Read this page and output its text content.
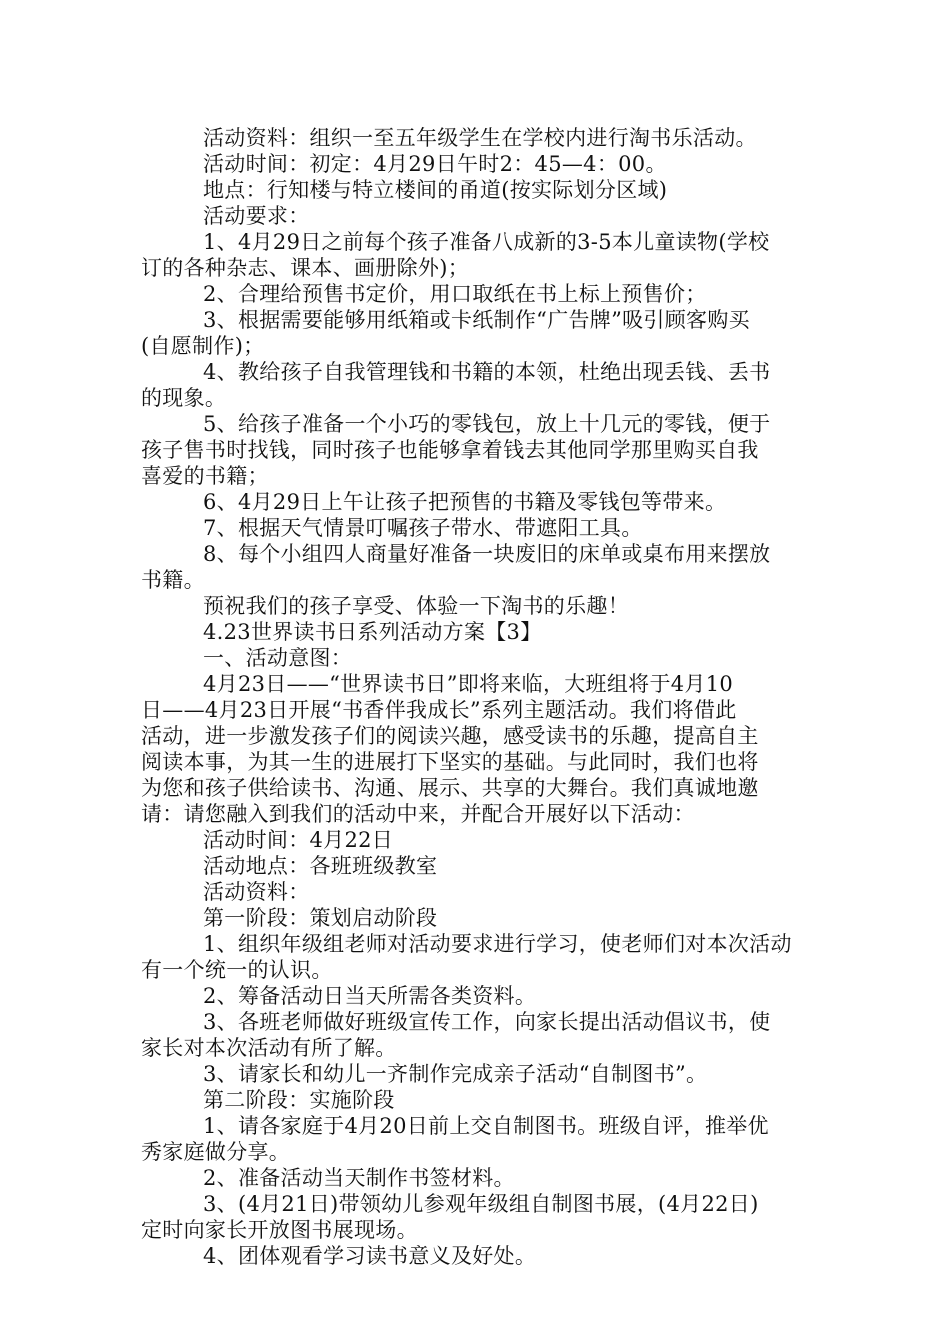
活动资料：组织一至五年级学生在学校内进行淘书乐活动。
活动时间：初定：4月29日午时2：45—4：00。
地点：行知楼与特立楼间的甬道(按实际划分区域)
活动要求：
1、4月29日之前每个孩子准备八成新的3-5本儿童读物(学校
订的各种杂志、课本、画册除外)；
2、合理给预售书定价，用口取纸在书上标上预售价；
3、根据需要能够用纸箱或卡纸制作“广告牌”吸引顾客购买
(自愿制作)；
4、教给孩子自我管理钱和书籍的本领，杜绝出现丢钱、丢书
的现象。
5、给孩子准备一个小巧的零钱包，放上十几元的零钱，便于
孩子售书时找钱，同时孩子也能够拿着钱去其他同学那里购买自我
喜爱的书籍；
6、4月29日上午让孩子把预售的书籍及零钱包等带来。
7、根据天气情景叮嘱孩子带水、带遮阳工具。
8、每个小组四人商量好准备一块废旧的床单或桌布用来摆放
书籍。
预祝我们的孩子享受、体验一下淘书的乐趣！
4.23世界读书日系列活动方案【3】
一、活动意图：
4月23日——“世界读书日”即将来临，大班组将于4月10
日——4月23日开展“书香伴我成长”系列主题活动。我们将借此
活动，进一步激发孩子们的阅读兴趣，感受读书的乐趣，提高自主
阅读本事，为其一生的进展打下坚实的基础。与此同时，我们也将
为您和孩子供给读书、沟通、展示、共享的大舞台。我们真诚地邀
请：请您融入到我们的活动中来，并配合开展好以下活动：
活动时间：4月22日
活动地点：各班班级教室
活动资料：
第一阶段：策划启动阶段
1、组织年级组老师对活动要求进行学习，使老师们对本次活动
有一个统一的认识。
2、筹备活动日当天所需各类资料。
3、各班老师做好班级宣传工作，向家长提出活动倡议书，使
家长对本次活动有所了解。
3、请家长和幼儿一齐制作完成亲子活动“自制图书”。
第二阶段：实施阶段
1、请各家庭于4月20日前上交自制图书。班级自评，推举优
秀家庭做分享。
2、准备活动当天制作书签材料。
3、(4月21日)带领幼儿参观年级组自制图书展，(4月22日)
定时向家长开放图书展现场。
4、团体观看学习读书意义及好处。
